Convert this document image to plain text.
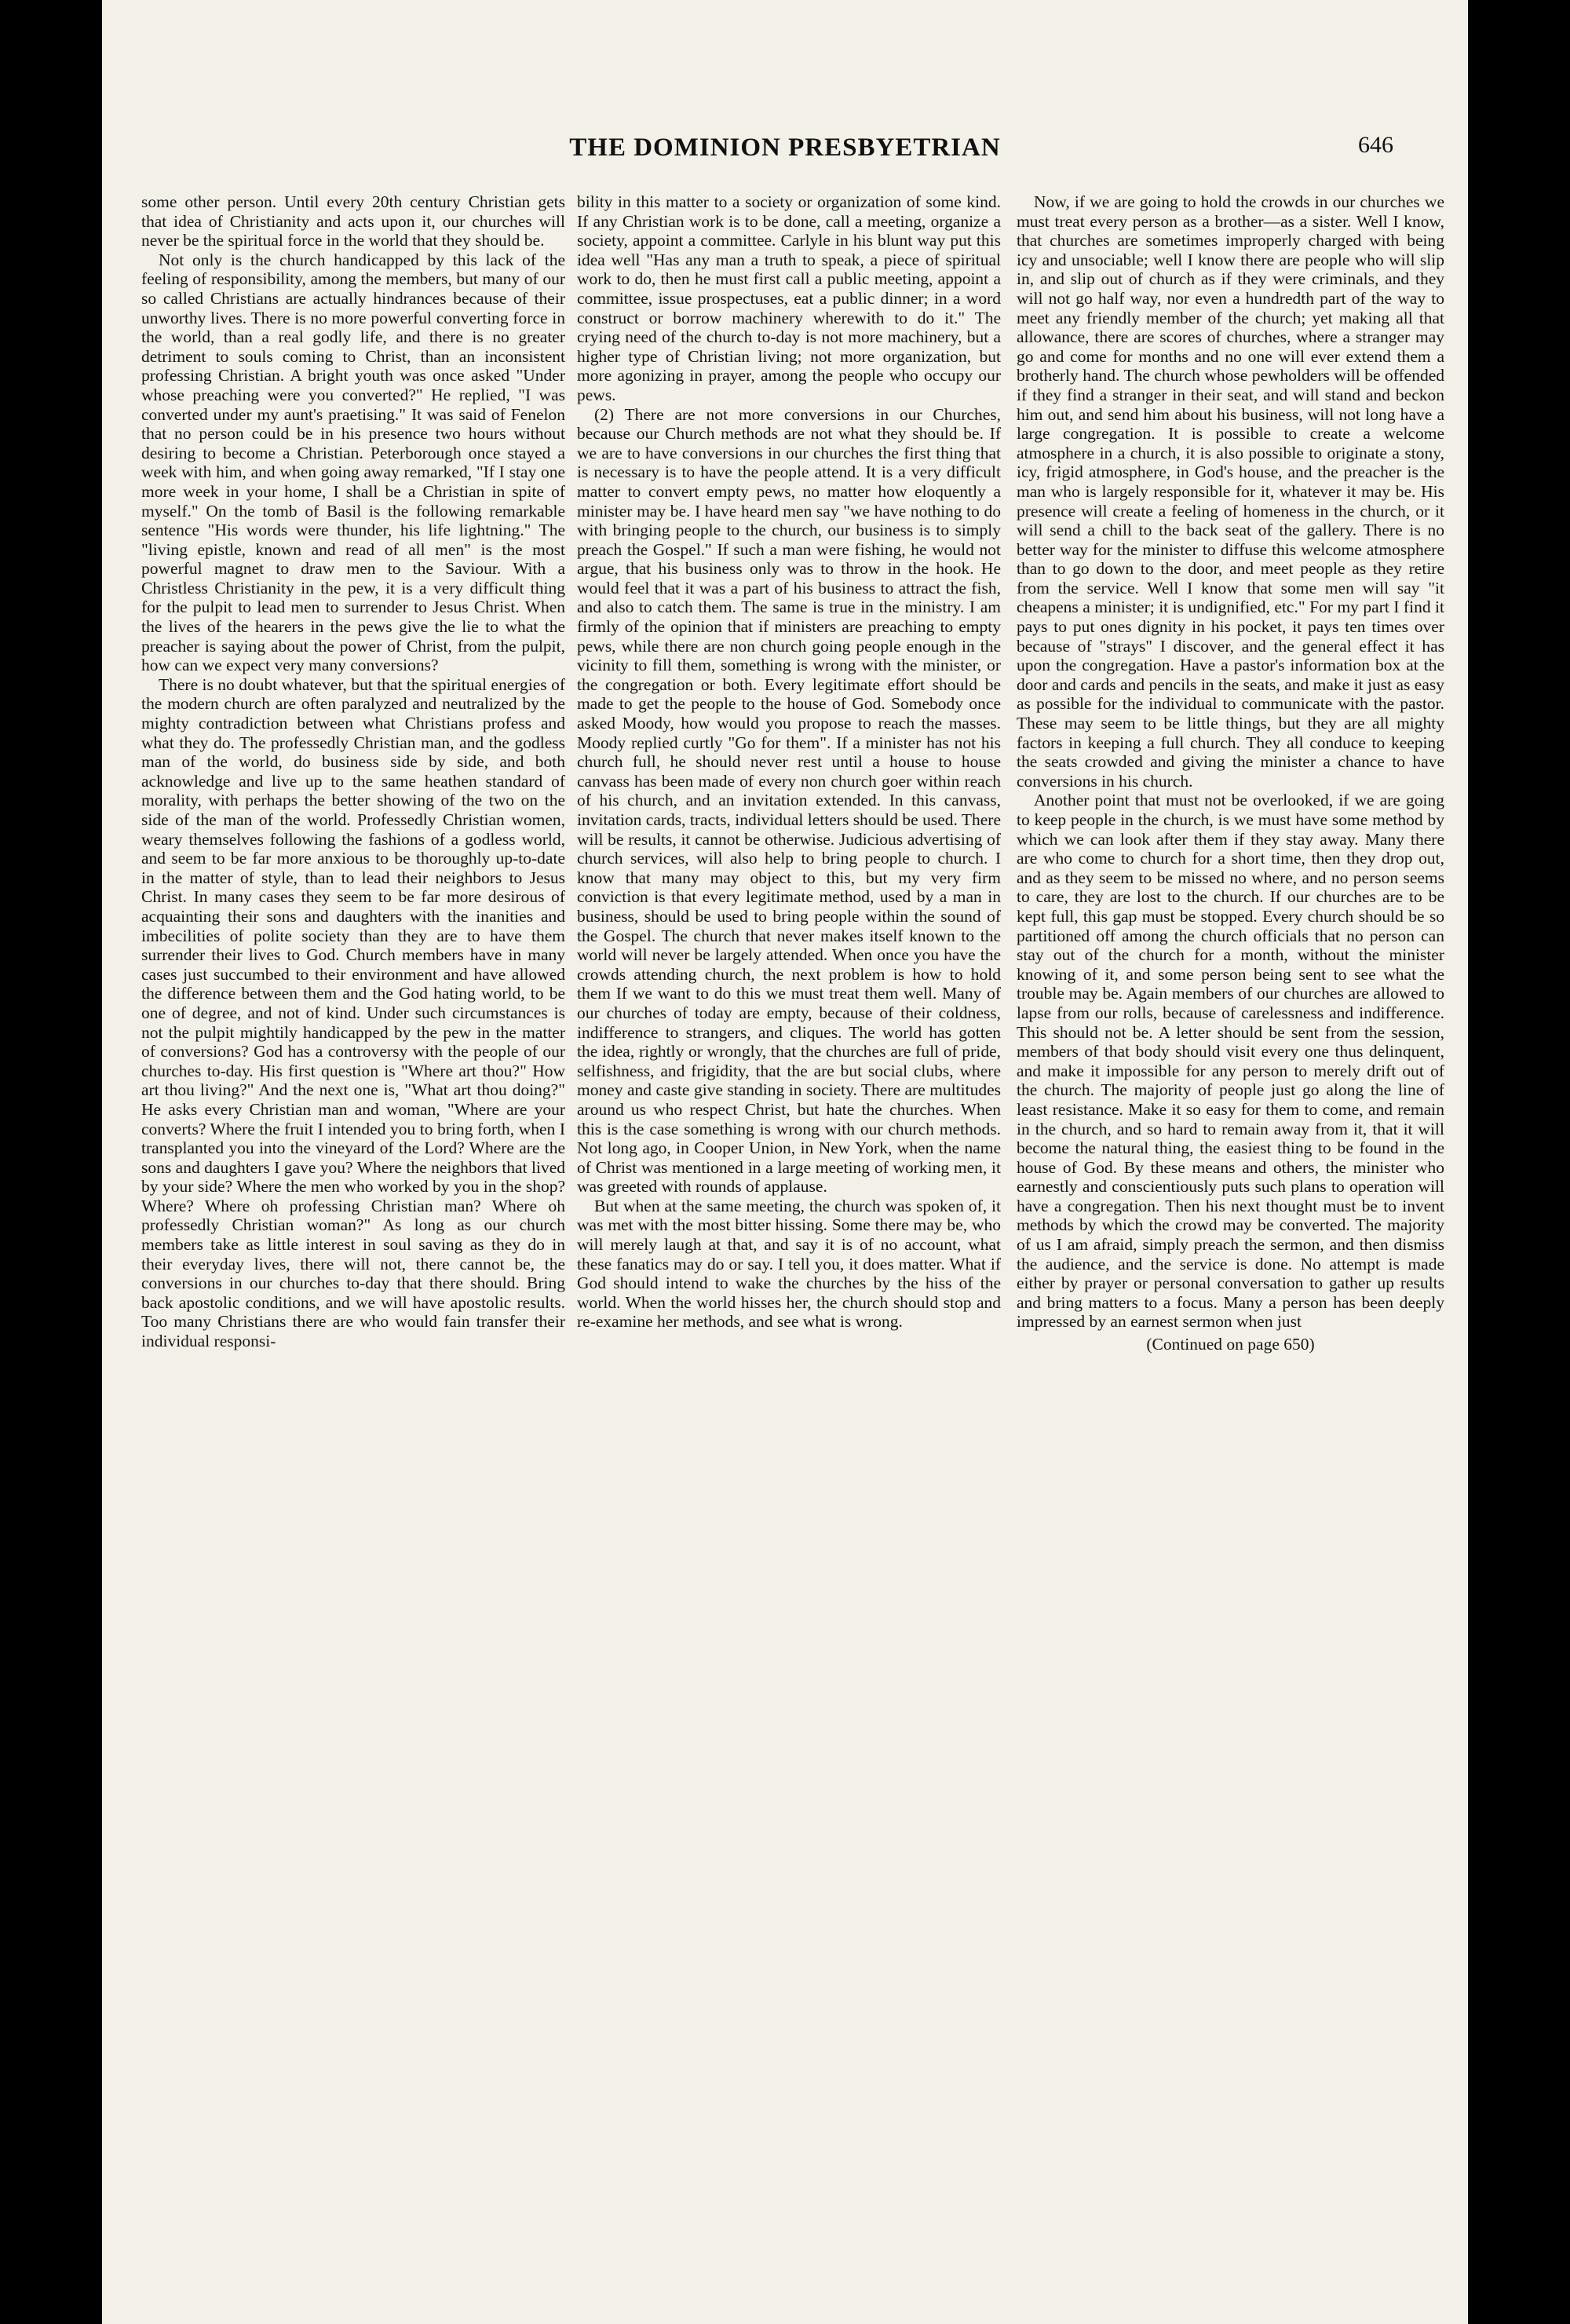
THE DOMINION PRESBYETRIAN	646

some other person. Until every 20th century Christian gets that idea of Christianity and acts upon it, our churches will never be the spiritual force in the world that they should be.

Not only is the church handicapped by this lack of the feeling of responsibility, among the members, but many of our so called Christians are actually hindrances because of their unworthy lives. There is no more powerful converting force in the world, than a real godly life, and there is no greater detriment to souls coming to Christ, than an inconsistent professing Christian. A bright youth was once asked "Under whose preaching were you converted?" He replied, "I was converted under my aunt's praetising." It was said of Fenelon that no person could be in his presence two hours without desiring to become a Christian. Peterborough once stayed a week with him, and when going away remarked, "If I stay one more week in your home, I shall be a Christian in spite of myself." On the tomb of Basil is the following remarkable sentence "His words were thunder, his life lightning." The "living epistle, known and read of all men" is the most powerful magnet to draw men to the Saviour. With a Christless Christianity in the pew, it is a very difficult thing for the pulpit to lead men to surrender to Jesus Christ. When the lives of the hearers in the pews give the lie to what the preacher is saying about the power of Christ, from the pulpit, how can we expect very many conversions?

There is no doubt whatever, but that the spiritual energies of the modern church are often paralyzed and neutralized by the mighty contradiction between what Christians profess and what they do. The professedly Christian man, and the godless man of the world, do business side by side, and both acknowledge and live up to the same heathen standard of morality, with perhaps the better showing of the two on the side of the man of the world. Professedly Christian women, weary themselves following the fashions of a godless world, and seem to be far more anxious to be thoroughly up-to-date in the matter of style, than to lead their neighbors to Jesus Christ. In many cases they seem to be far more desirous of acquainting their sons and daughters with the inanities and imbecilities of polite society than they are to have them surrender their lives to God. Church members have in many cases just succumbed to their environment and have allowed the difference between them and the God hating world, to be one of degree, and not of kind. Under such circumstances is not the pulpit mightily handicapped by the pew in the matter of conversions? God has a controversy with the people of our churches to-day. His first question is "Where art thou?" How art thou living?" And the next one is, "What art thou doing?" He asks every Christian man and woman, "Where are your converts? Where the fruit I intended you to bring forth, when I transplanted you into the vineyard of the Lord? Where are the sons and daughters I gave you? Where the neighbors that lived by your side? Where the men who worked by you in the shop? Where? Where oh professing Christian man? Where oh professedly Christian woman?" As long as our church members take as little interest in soul saving as they do in their everyday lives, there will not, there cannot be, the conversions in our churches to-day that there should. Bring back apostolic conditions, and we will have apostolic results. Too many Christians there are who would fain transfer their individual responsi-

bility in this matter to a society or organization of some kind. If any Christian work is to be done, call a meeting, organize a society, appoint a committee. Carlyle in his blunt way put this idea well "Has any man a truth to speak, a piece of spiritual work to do, then he must first call a public meeting, appoint a committee, issue prospectuses, eat a public dinner; in a word construct or borrow machinery wherewith to do it." The crying need of the church to-day is not more machinery, but a higher type of Christian living; not more organization, but more agonizing in prayer, among the people who occupy our pews.

(2) There are not more conversions in our Churches, because our Church methods are not what they should be. If we are to have conversions in our churches the first thing that is necessary is to have the people attend. It is a very difficult matter to convert empty pews, no matter how eloquently a minister may be. I have heard men say "we have nothing to do with bringing people to the church, our business is to simply preach the Gospel." If such a man were fishing, he would not argue, that his business only was to throw in the hook. He would feel that it was a part of his business to attract the fish, and also to catch them. The same is true in the ministry. I am firmly of the opinion that if ministers are preaching to empty pews, while there are non church going people enough in the vicinity to fill them, something is wrong with the minister, or the congregation or both. Every legitimate effort should be made to get the people to the house of God. Somebody once asked Moody, how would you propose to reach the masses. Moody replied curtly "Go for them". If a minister has not his church full, he should never rest until a house to house canvass has been made of every non church goer within reach of his church, and an invitation extended. In this canvass, invitation cards, tracts, individual letters should be used. There will be results, it cannot be otherwise. Judicious advertising of church services, will also help to bring people to church. I know that many may object to this, but my very firm conviction is that every legitimate method, used by a man in business, should be used to bring people within the sound of the Gospel. The church that never makes itself known to the world will never be largely attended. When once you have the crowds attending church, the next problem is how to hold them If we want to do this we must treat them well. Many of our churches of today are empty, because of their coldness, indifference to strangers, and cliques. The world has gotten the idea, rightly or wrongly, that the churches are full of pride, selfishness, and frigidity, that the are but social clubs, where money and caste give standing in society. There are multitudes around us who respect Christ, but hate the churches. When this is the case something is wrong with our church methods. Not long ago, in Cooper Union, in New York, when the name of Christ was mentioned in a large meeting of working men, it was greeted with rounds of applause.

But when at the same meeting, the church was spoken of, it was met with the most bitter hissing. Some there may be, who will merely laugh at that, and say it is of no account, what these fanatics may do or say. I tell you, it does matter. What if God should intend to wake the churches by the hiss of the world. When the world hisses her, the church should stop and re-examine her methods, and see what is wrong.

Now, if we are going to hold the crowds in our churches we must treat every person as a brother—as a sister. Well I know, that churches are sometimes improperly charged with being icy and unsociable; well I know there are people who will slip in, and slip out of church as if they were criminals, and they will not go half way, nor even a hundredth part of the way to meet any friendly member of the church; yet making all that allowance, there are scores of churches, where a stranger may go and come for months and no one will ever extend them a brotherly hand. The church whose pewholders will be offended if they find a stranger in their seat, and will stand and beckon him out, and send him about his business, will not long have a large congregation. It is possible to create a welcome atmosphere in a church, it is also possible to originate a stony, icy, frigid atmosphere, in God's house, and the preacher is the man who is largely responsible for it, whatever it may be. His presence will create a feeling of homeness in the church, or it will send a chill to the back seat of the gallery. There is no better way for the minister to diffuse this welcome atmosphere than to go down to the door, and meet people as they retire from the service. Well I know that some men will say "it cheapens a minister; it is undignified, etc." For my part I find it pays to put ones dignity in his pocket, it pays ten times over because of "strays" I discover, and the general effect it has upon the congregation. Have a pastor's information box at the door and cards and pencils in the seats, and make it just as easy as possible for the individual to communicate with the pastor. These may seem to be little things, but they are all mighty factors in keeping a full church. They all conduce to keeping the seats crowded and giving the minister a chance to have conversions in his church.

Another point that must not be overlooked, if we are going to keep people in the church, is we must have some method by which we can look after them if they stay away. Many there are who come to church for a short time, then they drop out, and as they seem to be missed no where, and no person seems to care, they are lost to the church. If our churches are to be kept full, this gap must be stopped. Every church should be so partitioned off among the church officials that no person can stay out of the church for a month, without the minister knowing of it, and some person being sent to see what the trouble may be. Again members of our churches are allowed to lapse from our rolls, because of carelessness and indifference. This should not be. A letter should be sent from the session, members of that body should visit every one thus delinquent, and make it impossible for any person to merely drift out of the church. The majority of people just go along the line of least resistance. Make it so easy for them to come, and remain in the church, and so hard to remain away from it, that it will become the natural thing, the easiest thing to be found in the house of God. By these means and others, the minister who earnestly and conscientiously puts such plans to operation will have a congregation. Then his next thought must be to invent methods by which the crowd may be converted. The majority of us I am afraid, simply preach the sermon, and then dismiss the audience, and the service is done. No attempt is made either by prayer or personal conversation to gather up results and bring matters to a focus. Many a person has been deeply impressed by an earnest sermon when just

(Continued on page 650)
